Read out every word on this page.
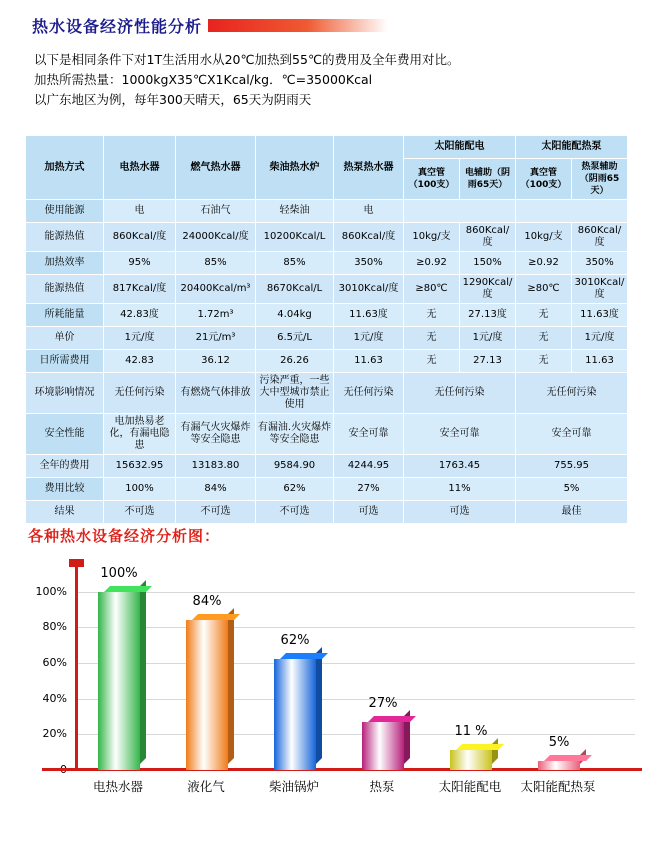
热水设备经济性能分析
以下是相同条件下对1T生活用水从20℃加热到55℃的费用及全年费用对比。
加热所需热量：1000kgX35℃X1Kcal/kg．℃=35000Kcal
以广东地区为例，每年300天晴天，65天为阴雨天
加热方式	电热水器	燃气热水器	柴油热水炉	热泵热水器	太阳能配电		太阳能配热泵	
					真空管（100支）	电辅助（阴雨65天）	真空管（100支）	热泵辅助（阴雨65天）
使用能源	电	石油气	轻柴油	电				
能源热值	860Kcal/度	24000Kcal/度	10200Kcal/L	860Kcal/度	10kg/支	860Kcal/度	10kg/支	860Kcal/度
加热效率	95%	85%	85%	350%	≥0.92	150%	≥0.92	350%
能源热值	817Kcal/度	20400Kcal/m³	8670Kcal/L	3010Kcal/度	≥80℃	1290Kcal/度	≥80℃	3010Kcal/度
所耗能量	42.83度	1.72m³	4.04kg	11.63度	无	27.13度	无	11.63度
单价	1元/度	21元/m³	6.5元/L	1元/度	无	1元/度	无	1元/度
日所需费用	42.83	36.12	26.26	11.63	无	27.13	无	11.63
环境影响情况	无任何污染	有燃烧气体排放	污染严重，一些大中型城市禁止使用	无任何污染	无任何污染		无任何污染	
安全性能	电加热易老化，有漏电隐患	有漏气火灾爆炸等安全隐患	有漏油.火灾爆炸等安全隐患	安全可靠	安全可靠		安全可靠	
全年的费用	15632.95	13183.80	9584.90	4244.95	1763.45		755.95	
费用比较	100%	84%	62%	27%	11%		5%	
结果	不可选	不可选	不可选	可选	可选		最佳	
各种热水设备经济分析图：
20%
40%
60%
80%
100%
100%
84%
62%
27%
11 %
5%
电热水器	液化气	柴油锅炉	热泵	太阳能配电	太阳能配热泵
